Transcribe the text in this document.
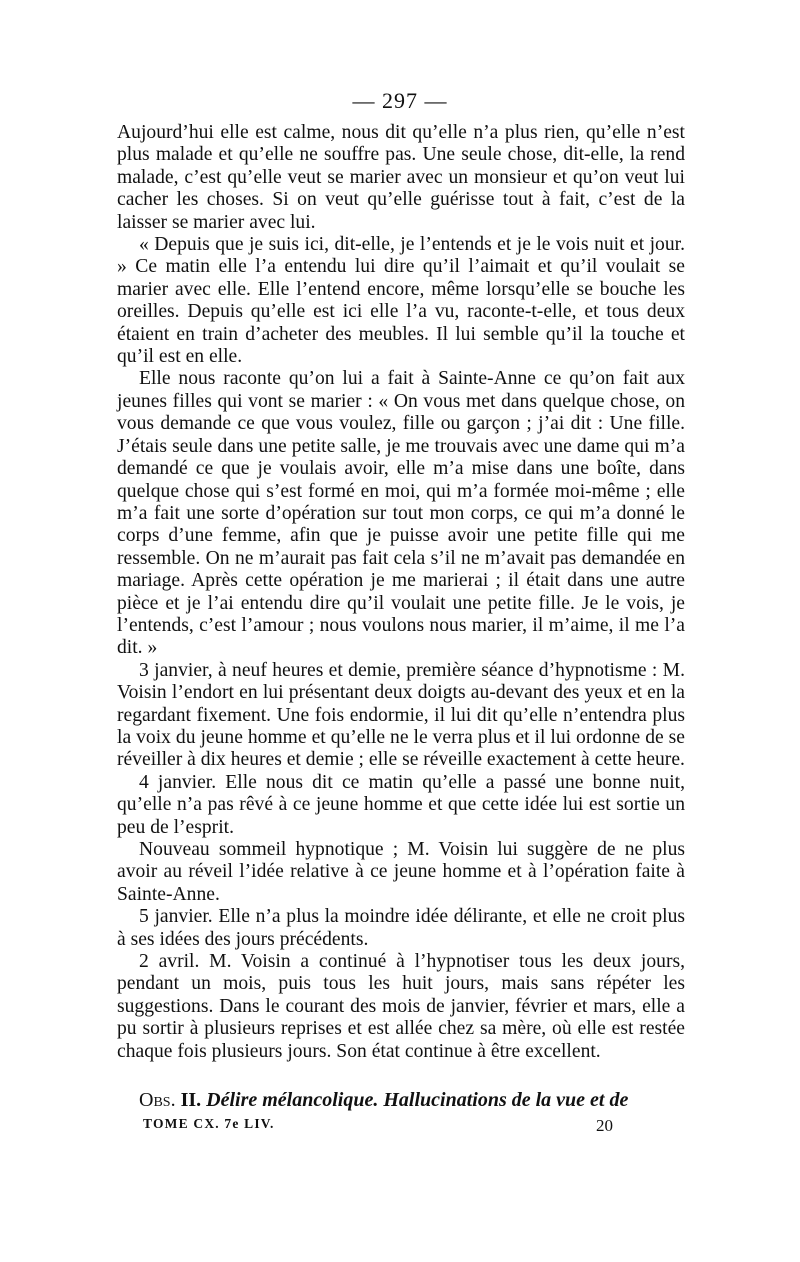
— 297 —

Aujourd’hui elle est calme, nous dit qu’elle n’a plus rien, qu’elle n’est plus malade et qu’elle ne souffre pas. Une seule chose, dit-elle, la rend malade, c’est qu’elle veut se marier avec un monsieur et qu’on veut lui cacher les choses. Si on veut qu’elle guérisse tout à fait, c’est de la laisser se marier avec lui.

« Depuis que je suis ici, dit-elle, je l’entends et je le vois nuit et jour. » Ce matin elle l’a entendu lui dire qu’il l’aimait et qu’il voulait se marier avec elle. Elle l’entend encore, même lorsqu’elle se bouche les oreilles. Depuis qu’elle est ici elle l’a vu, raconte-t-elle, et tous deux étaient en train d’acheter des meubles. Il lui semble qu’il la touche et qu’il est en elle.

Elle nous raconte qu’on lui a fait à Sainte-Anne ce qu’on fait aux jeunes filles qui vont se marier : « On vous met dans quelque chose, on vous demande ce que vous voulez, fille ou garçon ; j’ai dit : Une fille. J’étais seule dans une petite salle, je me trouvais avec une dame qui m’a demandé ce que je voulais avoir, elle m’a mise dans une boîte, dans quelque chose qui s’est formé en moi, qui m’a formée moi-même ; elle m’a fait une sorte d’opération sur tout mon corps, ce qui m’a donné le corps d’une femme, afin que je puisse avoir une petite fille qui me ressemble. On ne m’aurait pas fait cela s’il ne m’avait pas demandée en mariage. Après cette opération je me marierai ; il était dans une autre pièce et je l’ai entendu dire qu’il voulait une petite fille. Je le vois, je l’entends, c’est l’amour ; nous voulons nous marier, il m’aime, il me l’a dit. »

3 janvier, à neuf heures et demie, première séance d’hypnotisme : M. Voisin l’endort en lui présentant deux doigts au-devant des yeux et en la regardant fixement. Une fois endormie, il lui dit qu’elle n’entendra plus la voix du jeune homme et qu’elle ne le verra plus et il lui ordonne de se réveiller à dix heures et demie ; elle se réveille exactement à cette heure.

4 janvier. Elle nous dit ce matin qu’elle a passé une bonne nuit, qu’elle n’a pas rêvé à ce jeune homme et que cette idée lui est sortie un peu de l’esprit.

Nouveau sommeil hypnotique ; M. Voisin lui suggère de ne plus avoir au réveil l’idée relative à ce jeune homme et à l’opération faite à Sainte-Anne.

5 janvier. Elle n’a plus la moindre idée délirante, et elle ne croit plus à ses idées des jours précédents.

2 avril. M. Voisin a continué à l’hypnotiser tous les deux jours, pendant un mois, puis tous les huit jours, mais sans répéter les suggestions. Dans le courant des mois de janvier, février et mars, elle a pu sortir à plusieurs reprises et est allée chez sa mère, où elle est restée chaque fois plusieurs jours. Son état continue à être excellent.

Obs. II. Délire mélancolique. Hallucinations de la vue et de
TOME CX. 7e LIV.	20
